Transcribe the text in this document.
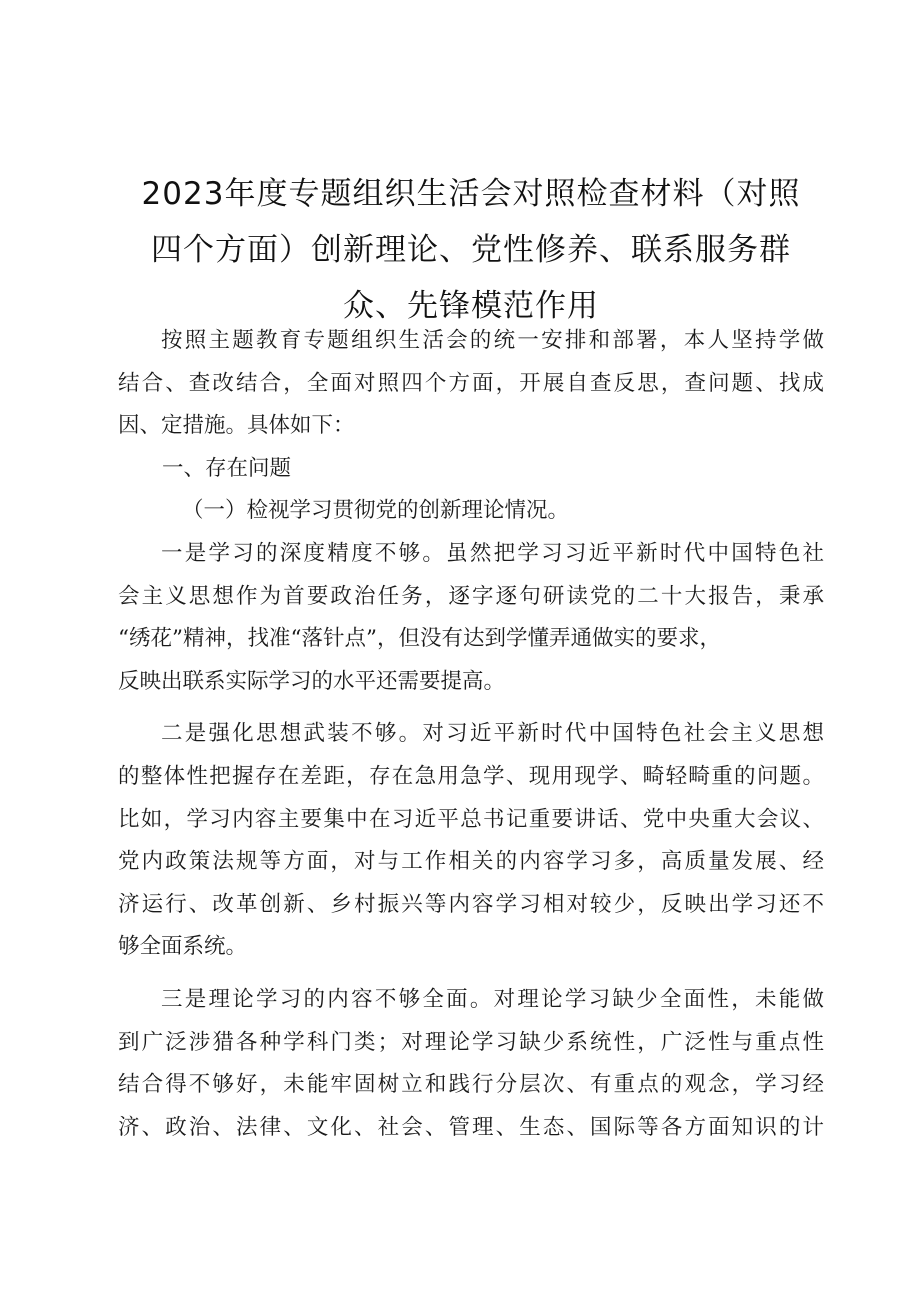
2023年度专题组织生活会对照检查材料（对照
四个方面）创新理论、党性修养、联系服务群
众、先锋模范作用
按照主题教育专题组织生活会的统一安排和部署，本人坚持学做
结合、查改结合，全面对照四个方面，开展自查反思，查问题、找成
因、定措施。具体如下：
一、存在问题
（一）检视学习贯彻党的创新理论情况。
一是学习的深度精度不够。虽然把学习习近平新时代中国特色社
会主义思想作为首要政治任务，逐字逐句研读党的二十大报告，秉承
“绣花”精神，找准“落针点”，但没有达到学懂弄通做实的要求，
反映出联系实际学习的水平还需要提高。
二是强化思想武装不够。对习近平新时代中国特色社会主义思想
的整体性把握存在差距，存在急用急学、现用现学、畸轻畸重的问题。
比如，学习内容主要集中在习近平总书记重要讲话、党中央重大会议、
党内政策法规等方面，对与工作相关的内容学习多，高质量发展、经
济运行、改革创新、乡村振兴等内容学习相对较少，反映出学习还不
够全面系统。
三是理论学习的内容不够全面。对理论学习缺少全面性，未能做
到广泛涉猎各种学科门类；对理论学习缺少系统性，广泛性与重点性
结合得不够好，未能牢固树立和践行分层次、有重点的观念，学习经
济、政治、法律、文化、社会、管理、生态、国际等各方面知识的计
